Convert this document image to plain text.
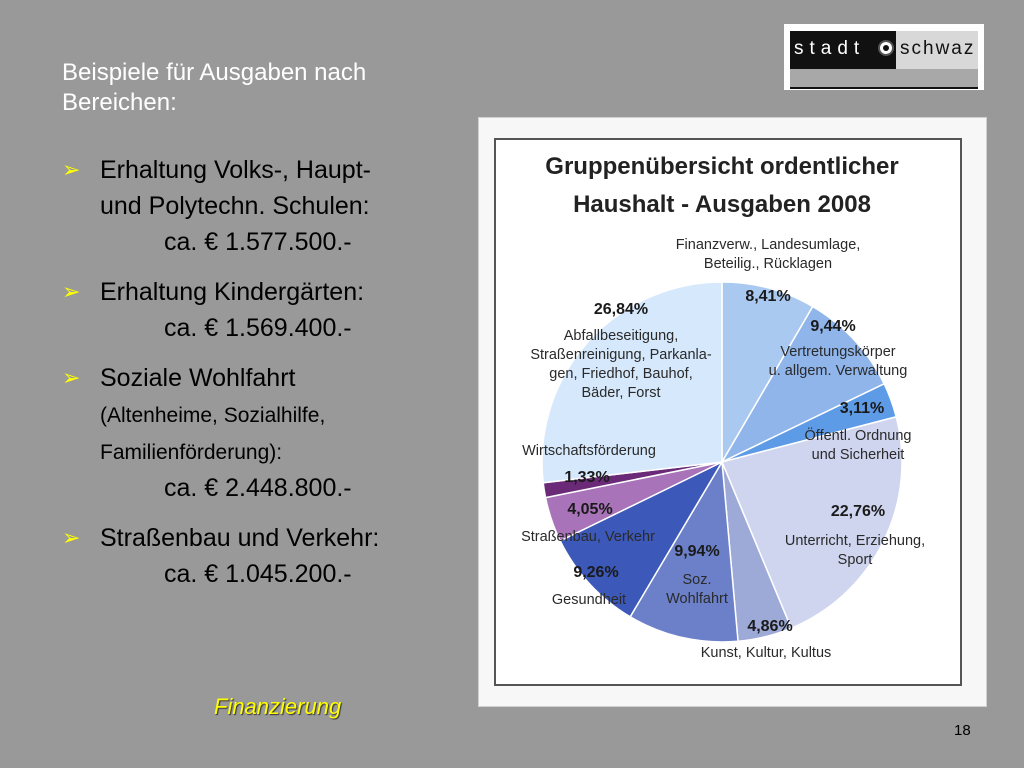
Beispiele für Ausgaben nach
Bereichen:
stadt schwaz
➢ Erhaltung Volks-, Haupt-
und Polytechn. Schulen:
ca. € 1.577.500.-
➢ Erhaltung Kindergärten:
ca. € 1.569.400.-
➢ Soziale Wohlfahrt
(Altenheime, Sozialhilfe,
Familienförderung):
ca. € 2.448.800.-
➢ Straßenbau und Verkehr:
ca. € 1.045.200.-
Finanzierung
18
Gruppenübersicht ordentlicher
Haushalt - Ausgaben 2008
8,41%
Finanzverw., Landesumlage,
Beteilig., Rücklagen
9,44%
Vertretungskörper
u. allgem. Verwaltung
3,11%
Öffentl. Ordnung
und Sicherheit
22,76%
Unterricht, Erziehung,
Sport
4,86%
Kunst, Kultur, Kultus
9,94%
Soz.
Wohlfahrt
9,26%
Gesundheit
4,05%
Straßenbau, Verkehr
1,33%
Wirtschaftsförderung
26,84%
Abfallbeseitigung,
Straßenreinigung, Parkanla-
gen, Friedhof, Bauhof,
Bäder, Forst
